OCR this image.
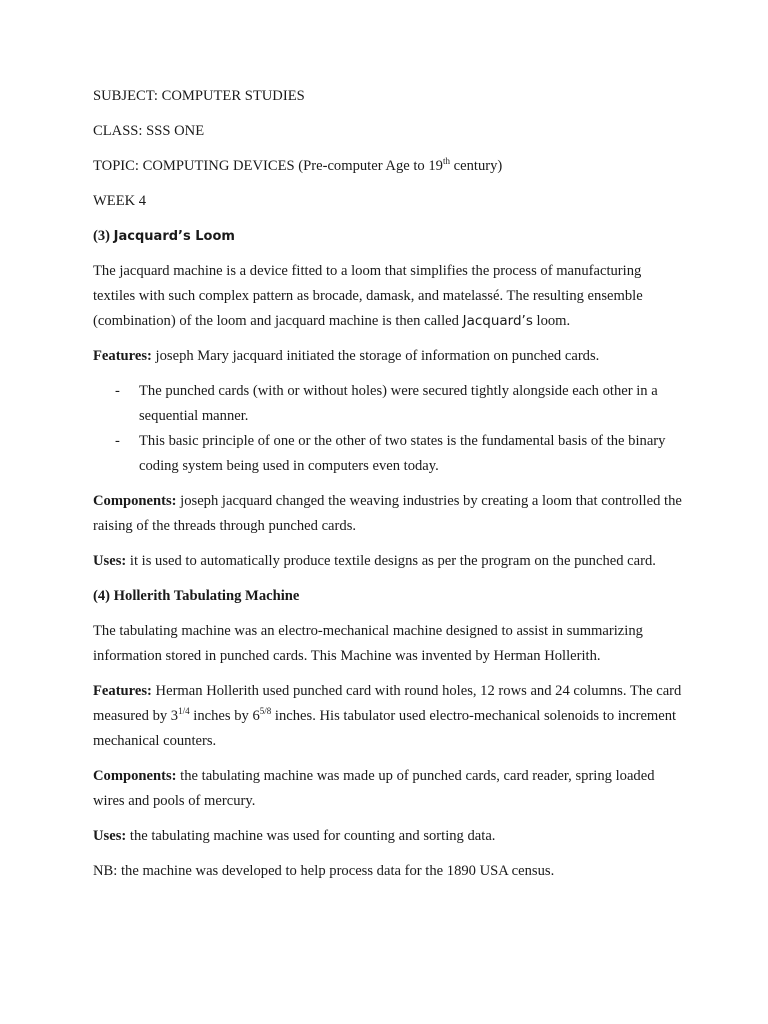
SUBJECT: COMPUTER STUDIES

CLASS: SSS ONE

TOPIC: COMPUTING DEVICES (Pre-computer Age to 19th century)

WEEK 4

(3) Jacquard’s Loom

The jacquard machine is a device fitted to a loom that simplifies the process of manufacturing textiles with such complex pattern as brocade, damask, and matelassé. The resulting ensemble (combination) of the loom and jacquard machine is then called Jacquard’s loom.

Features: joseph Mary jacquard initiated the storage of information on punched cards.

- The punched cards (with or without holes) were secured tightly alongside each other in a sequential manner.
- This basic principle of one or the other of two states is the fundamental basis of the binary coding system being used in computers even today.

Components: joseph jacquard changed the weaving industries by creating a loom that controlled the raising of the threads through punched cards.

Uses: it is used to automatically produce textile designs as per the program on the punched card.

(4) Hollerith Tabulating Machine

The tabulating machine was an electro-mechanical machine designed to assist in summarizing information stored in punched cards. This Machine was invented by Herman Hollerith.

Features: Herman Hollerith used punched card with round holes, 12 rows and 24 columns. The card measured by $3^{1/4}$ inches by $6^{5/8}$ inches. His tabulator used electro-mechanical solenoids to increment mechanical counters.

Components: the tabulating machine was made up of punched cards, card reader, spring loaded wires and pools of mercury.

Uses: the tabulating machine was used for counting and sorting data.

NB: the machine was developed to help process data for the 1890 USA census.
